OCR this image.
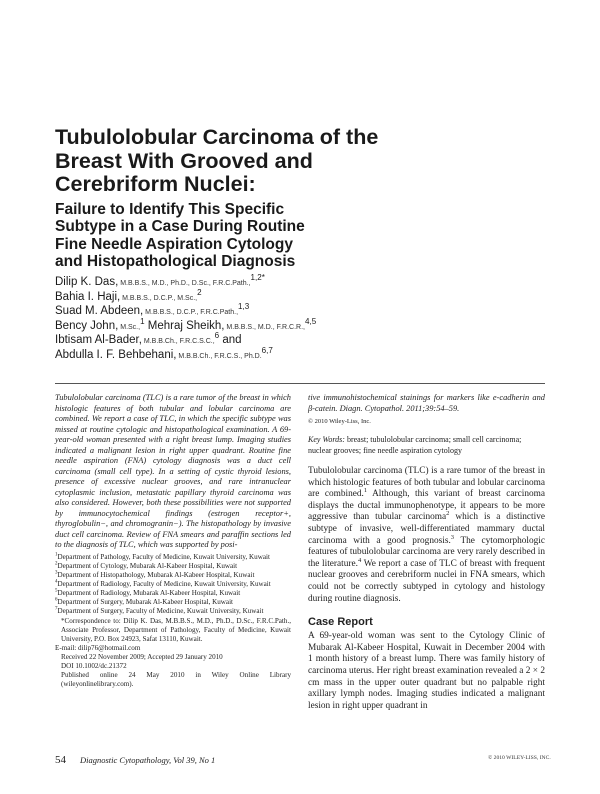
Tubulolobular Carcinoma of the
Breast With Grooved and
Cerebriform Nuclei:
Failure to Identify This Specific
Subtype in a Case During Routine
Fine Needle Aspiration Cytology
and Histopathological Diagnosis
Dilip K. Das, M.B.B.S., M.D., Ph.D., D.Sc., F.R.C.Path.,$^{1,2*}$
Bahia I. Haji, M.B.B.S., D.C.P., M.Sc.,$^2$
Suad M. Abdeen, M.B.B.S., D.C.P., F.R.C.Path.,$^{1,3}$
Bency John, M.Sc.,$^1$ Mehraj Sheikh, M.B.B.S., M.D., F.R.C.R.,$^{4,5}$
Ibtisam Al-Bader, M.B.B.Ch., F.R.C.S.C.,$^6$ and
Abdulla I. F. Behbehani, M.B.B.Ch., F.R.C.S., Ph.D.$^{6,7}$

Tubulolobular carcinoma (TLC) is a rare tumor of the breast in which histologic features of both tubular and lobular carcinoma are combined. We report a case of TLC, in which the specific subtype was missed at routine cytologic and histopathological examination. A 69-year-old woman presented with a right breast lump. Imaging studies indicated a malignant lesion in right upper quadrant. Routine fine needle aspiration (FNA) cytology diagnosis was a duct cell carcinoma (small cell type). In a setting of cystic thyroid lesions, presence of excessive nuclear grooves, and rare intranuclear cytoplasmic inclusion, metastatic papillary thyroid carcinoma was also considered. However, both these possibilities were not supported by immunocytochemical findings (estrogen receptor+, thyroglobulin−, and chromogranin−). The histopathology by invasive duct cell carcinoma. Review of FNA smears and paraffin sections led to the diagnosis of TLC, which was supported by posi-

$^1$Department of Pathology, Faculty of Medicine, Kuwait University, Kuwait

$^2$Department of Cytology, Mubarak Al-Kabeer Hospital, Kuwait

$^3$Department of Histopathology, Mubarak Al-Kabeer Hospital, Kuwait

$^4$Department of Radiology, Faculty of Medicine, Kuwait University, Kuwait

$^5$Department of Radiology, Mubarak Al-Kabeer Hospital, Kuwait

$^6$Department of Surgery, Mubarak Al-Kabeer Hospital, Kuwait

$^7$Department of Surgery, Faculty of Medicine, Kuwait University, Kuwait

*Correspondence to: Dilip K. Das, M.B.B.S., M.D., Ph.D., D.Sc., F.R.C.Path., Associate Professor, Department of Pathology, Faculty of Medicine, Kuwait University, P.O. Box 24923, Safat 13110, Kuwait.

E-mail: dilip76@hotmail.com

Received 22 November 2009; Accepted 29 January 2010

DOI 10.1002/dc.21372

Published online 24 May 2010 in Wiley Online Library (wileyonlinelibrary.com).

tive immunohistochemical stainings for markers like e-cadherin and β-catein. Diagn. Cytopathol. 2011;39:54–59.

© 2010 Wiley-Liss, Inc.

Key Words: breast; tubulolobular carcinoma; small cell carcinoma; nuclear grooves; fine needle aspiration cytology

Tubulolobular carcinoma (TLC) is a rare tumor of the breast in which histologic features of both tubular and lobular carcinoma are combined.$^1$ Although, this variant of breast carcinoma displays the ductal immunophenotype, it appears to be more aggressive than tubular carcinoma$^2$ which is a distinctive subtype of invasive, well-differentiated mammary ductal carcinoma with a good prognosis.$^3$ The cytomorphologic features of tubulolobular carcinoma are very rarely described in the literature.$^4$ We report a case of TLC of breast with frequent nuclear grooves and cerebriform nuclei in FNA smears, which could not be correctly subtyped in cytology and histology during routine diagnosis.

Case Report

A 69-year-old woman was sent to the Cytology Clinic of Mubarak Al-Kabeer Hospital, Kuwait in December 2004 with 1 month history of a breast lump. There was family history of carcinoma uterus. Her right breast examination revealed a 2 × 2 cm mass in the upper outer quadrant but no palpable right axillary lymph nodes. Imaging studies indicated a malignant lesion in right upper quadrant in

54 Diagnostic Cytopathology, Vol 39, No 1	© 2010 WILEY-LISS, INC.
